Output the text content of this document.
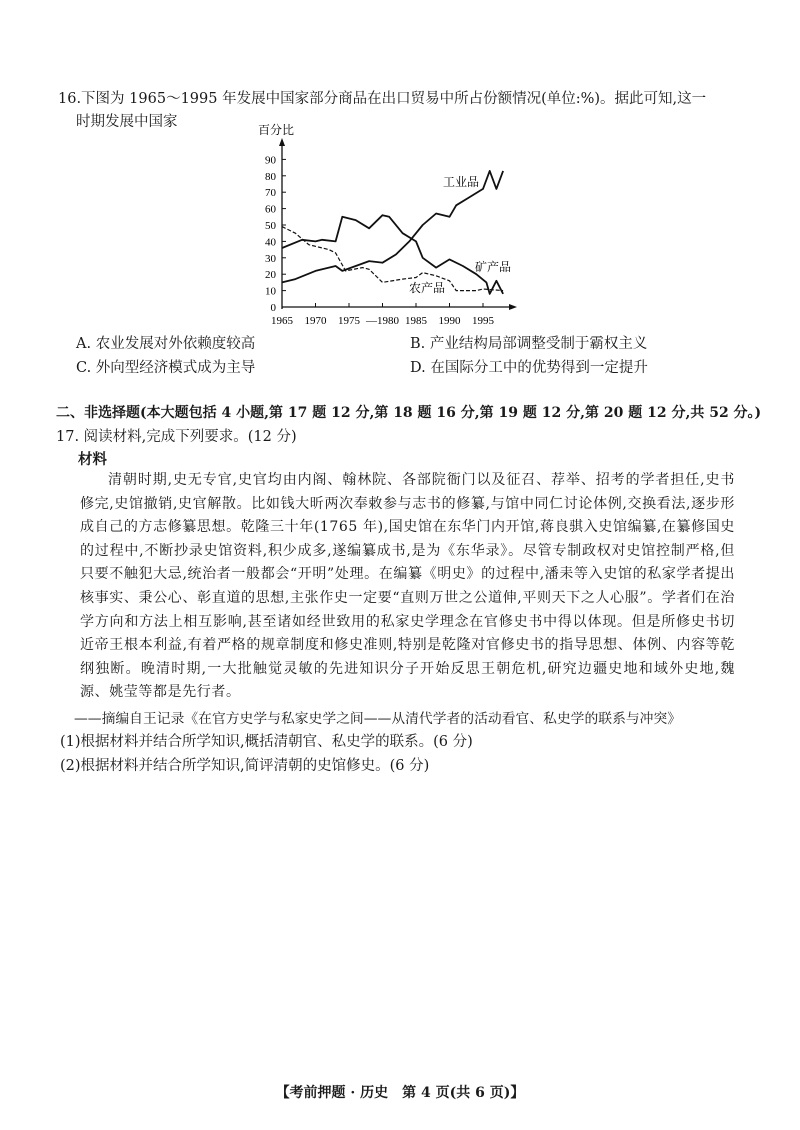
16.下图为 1965～1995 年发展中国家部分商品在出口贸易中所占份额情况(单位:%)。据此可知,这一
时期发展中国家	百分比
0
10
20
30
40
50
60
70
80
90
1965 1970 1975 —1980 1985 1990 1995
工业品
矿产品
农产品
A. 农业发展对外依赖度较高	B. 产业结构局部调整受制于霸权主义
C. 外向型经济模式成为主导	D. 在国际分工中的优势得到一定提升
二、非选择题(本大题包括 4 小题,第 17 题 12 分,第 18 题 16 分,第 19 题 12 分,第 20 题 12 分,共 52 分。)
17. 阅读材料,完成下列要求。(12 分)
材料
清朝时期,史无专官,史官均由内阁、翰林院、各部院衙门以及征召、荐举、招考的学者担任,史书修完,史馆撤销,史官解散。比如钱大昕两次奉敕参与志书的修纂,与馆中同仁讨论体例,交换看法,逐步形成自己的方志修纂思想。乾隆三十年(1765 年),国史馆在东华门内开馆,蒋良骐入史馆编纂,在纂修国史的过程中,不断抄录史馆资料,积少成多,遂编纂成书,是为《东华录》。尽管专制政权对史馆控制严格,但只要不触犯大忌,统治者一般都会“开明”处理。在编纂《明史》的过程中,潘耒等入史馆的私家学者提出核事实、秉公心、彰直道的思想,主张作史一定要“直则万世之公道伸,平则天下之人心服”。学者们在治学方向和方法上相互影响,甚至诸如经世致用的私家史学理念在官修史书中得以体现。但是所修史书切近帝王根本利益,有着严格的规章制度和修史准则,特别是乾隆对官修史书的指导思想、体例、内容等乾纲独断。晚清时期,一大批触觉灵敏的先进知识分子开始反思王朝危机,研究边疆史地和域外史地,魏源、姚莹等都是先行者。
——摘编自王记录《在官方史学与私家史学之间——从清代学者的活动看官、私史学的联系与冲突》
(1)根据材料并结合所学知识,概括清朝官、私史学的联系。(6 分)
(2)根据材料并结合所学知识,简评清朝的史馆修史。(6 分)
【考前押题 · 历史　第 4 页(共 6 页)】
